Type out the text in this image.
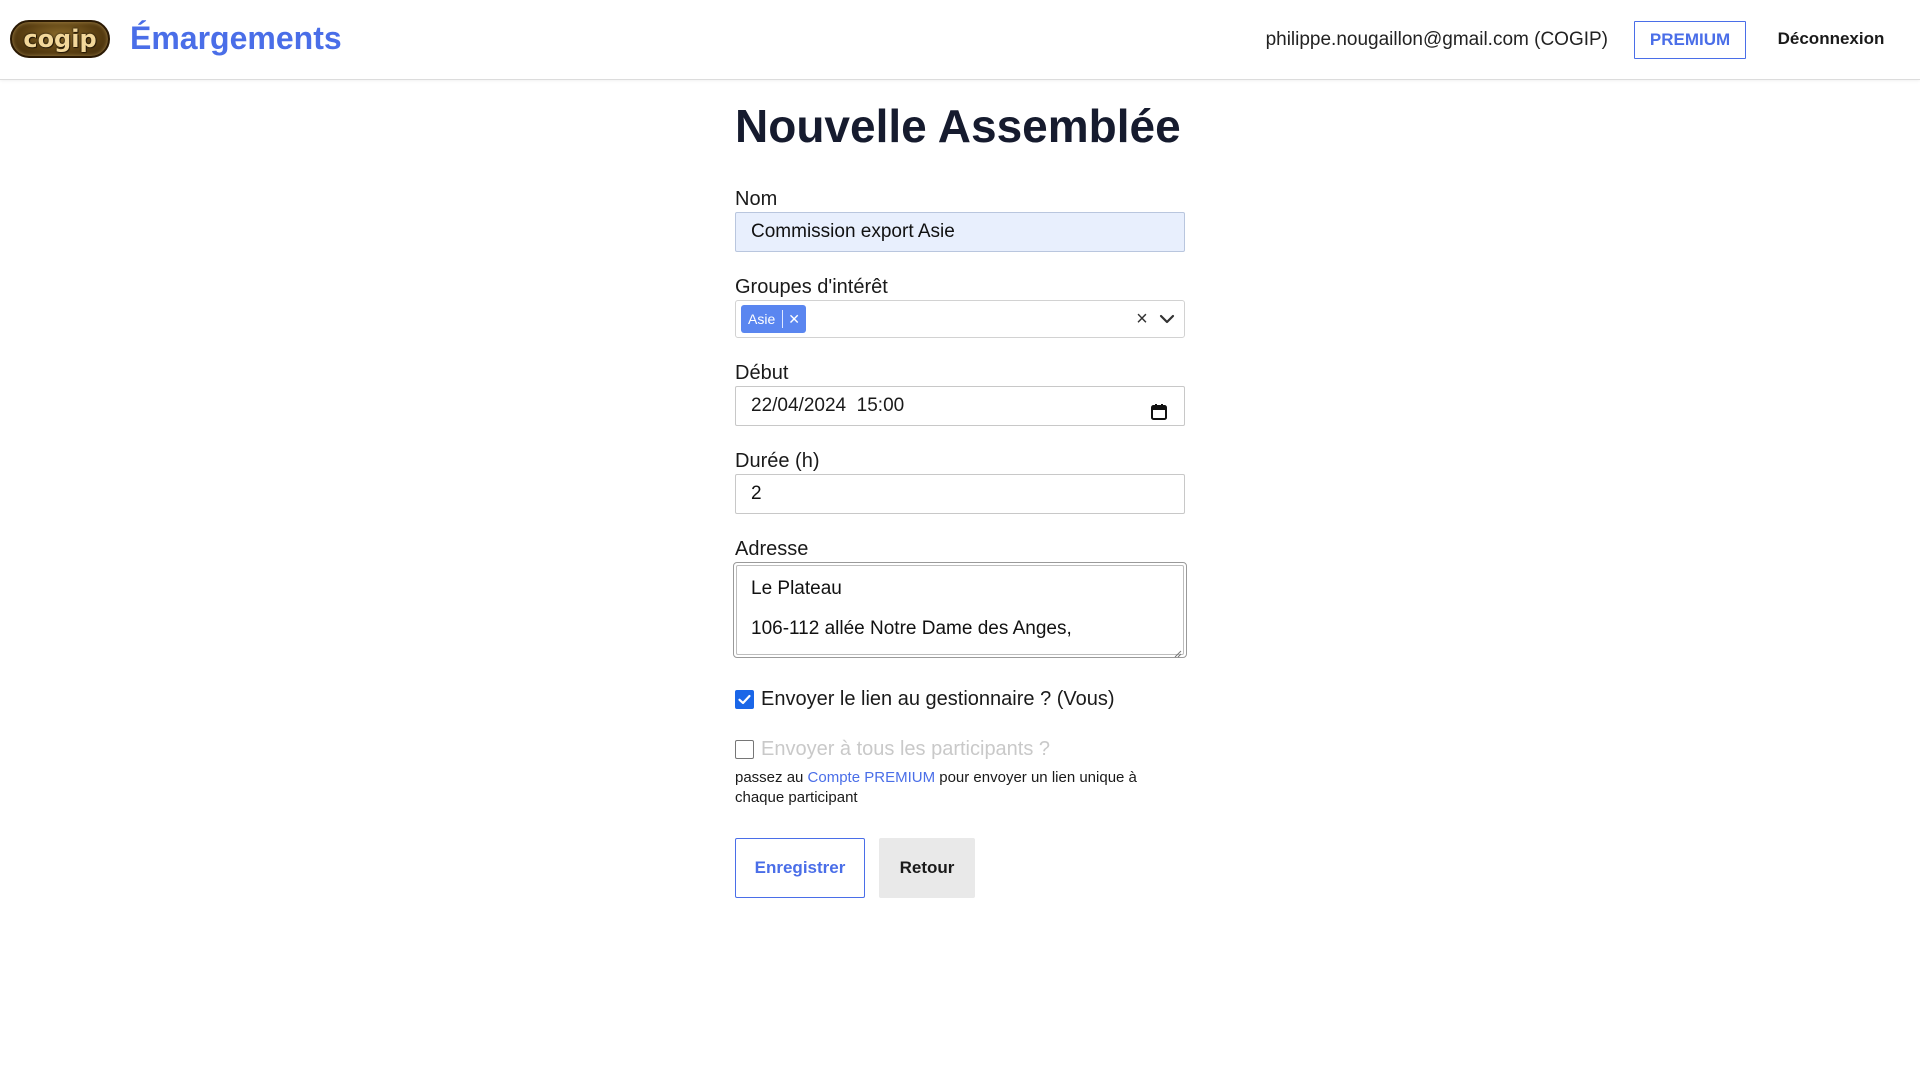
cogip	Émargements	philippe.nougaillon@gmail.com (COGIP)	PREMIUM	Déconnexion
Nouvelle Assemblée
Nom
Commission export Asie
Groupes d'intérêt
Asie ✕	×
Début
22/04/2024  15:00
Durée (h)
2
Adresse
Le Plateau
106-112 allée Notre Dame des Anges,
Envoyer le lien au gestionnaire ? (Vous)
Envoyer à tous les participants ?
passez au Compte PREMIUM pour envoyer un lien unique à chaque participant
Enregistrer	Retour
